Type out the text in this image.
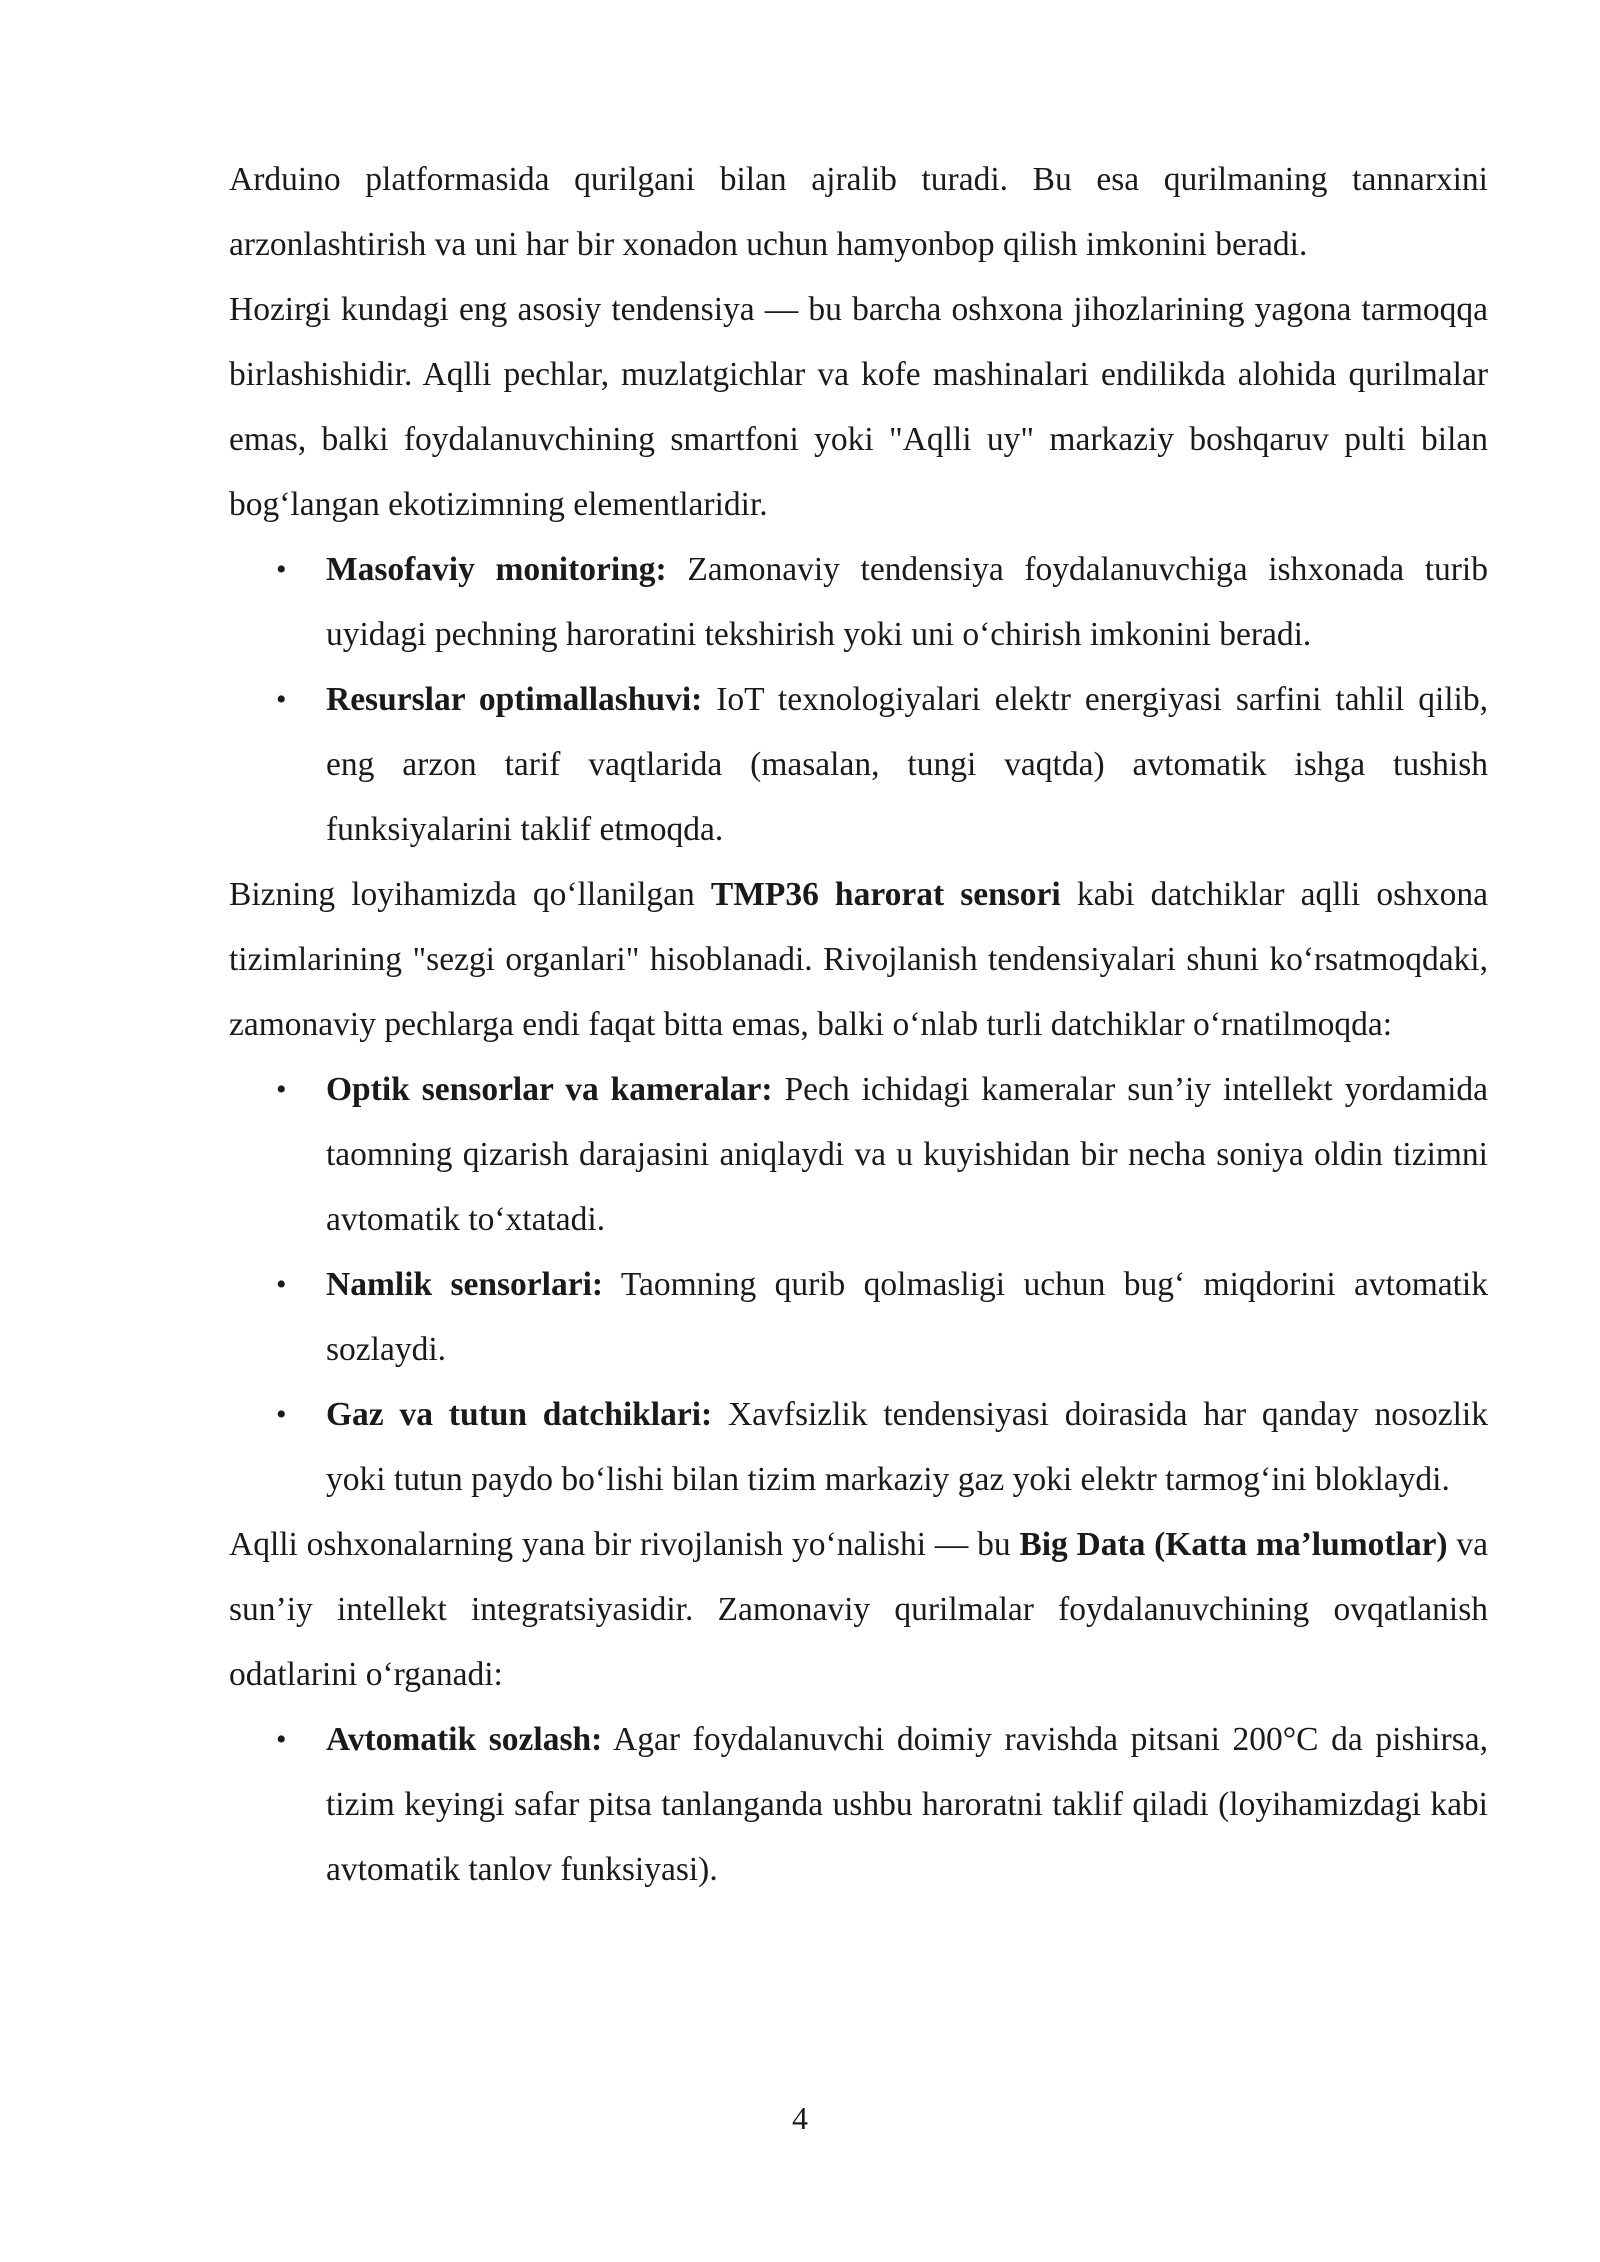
Arduino platformasida qurilgani bilan ajralib turadi. Bu esa qurilmaning tannarxini arzonlashtirish va uni har bir xonadon uchun hamyonbop qilish imkonini beradi.

Hozirgi kundagi eng asosiy tendensiya — bu barcha oshxona jihozlarining yagona tarmoqqa birlashishidir. Aqlli pechlar, muzlatgichlar va kofe mashinalari endilikda alohida qurilmalar emas, balki foydalanuvchining smartfoni yoki "Aqlli uy" markaziy boshqaruv pulti bilan bog‘langan ekotizimning elementlaridir.

• Masofaviy monitoring: Zamonaviy tendensiya foydalanuvchiga ishxonada turib uyidagi pechning haroratini tekshirish yoki uni o‘chirish imkonini beradi.
• Resurslar optimallashuvi: IoT texnologiyalari elektr energiyasi sarfini tahlil qilib, eng arzon tarif vaqtlarida (masalan, tungi vaqtda) avtomatik ishga tushish funksiyalarini taklif etmoqda.

Bizning loyihamizda qo‘llanilgan TMP36 harorat sensori kabi datchiklar aqlli oshxona tizimlarining "sezgi organlari" hisoblanadi. Rivojlanish tendensiyalari shuni ko‘rsatmoqdaki, zamonaviy pechlarga endi faqat bitta emas, balki o‘nlab turli datchiklar o‘rnatilmoqda:

• Optik sensorlar va kameralar: Pech ichidagi kameralar sun’iy intellekt yordamida taomning qizarish darajasini aniqlaydi va u kuyishidan bir necha soniya oldin tizimni avtomatik to‘xtatadi.
• Namlik sensorlari: Taomning qurib qolmasligi uchun bug‘ miqdorini avtomatik sozlaydi.
• Gaz va tutun datchiklari: Xavfsizlik tendensiyasi doirasida har qanday nosozlik yoki tutun paydo bo‘lishi bilan tizim markaziy gaz yoki elektr tarmog‘ini bloklaydi.

Aqlli oshxonalarning yana bir rivojlanish yo‘nalishi — bu Big Data (Katta ma’lumotlar) va sun’iy intellekt integratsiyasidir. Zamonaviy qurilmalar foydalanuvchining ovqatlanish odatlarini o‘rganadi:

• Avtomatik sozlash: Agar foydalanuvchi doimiy ravishda pitsani 200°C da pishirsa, tizim keyingi safar pitsa tanlanganda ushbu haroratni taklif qiladi (loyihamizdagi kabi avtomatik tanlov funksiyasi).
4
